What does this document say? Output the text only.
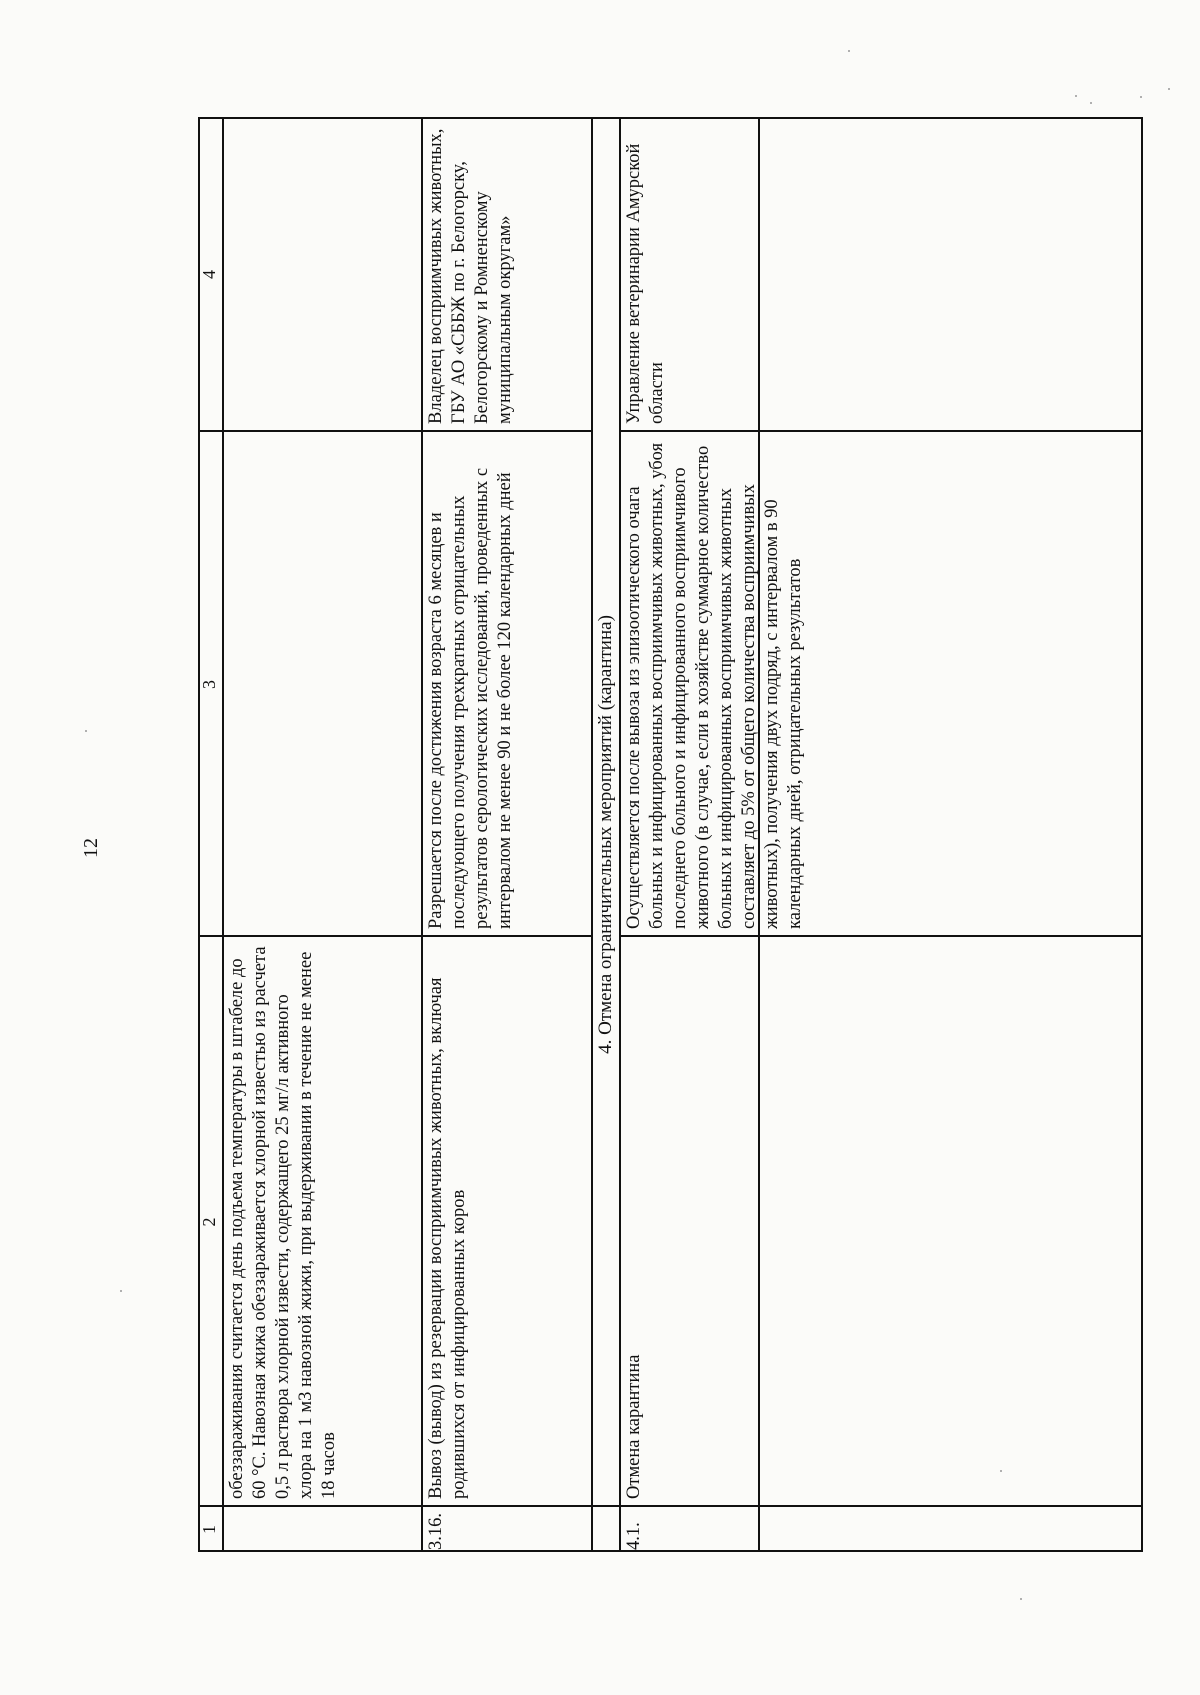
12
1
2
3
4
обеззараживания считается день подъема температуры в штабеле до 60 °С. Навозная жижа обеззараживается хлорной известью из расчета 0,5 л раствора хлорной извести, содержащего 25 мг/л активного хлора на 1 м3 навозной жижи, при выдерживании в течение не менее 18 часов
3.16.
Вывоз (вывод) из резервации восприимчивых животных, включая родившихся от инфицированных коров
Разрешается после достижения возраста 6 месяцев и последующего получения трехкратных отрицательных результатов серологических исследований, проведенных с интервалом не менее 90 и не более 120 календарных дней
Владелец восприимчивых животных, ГБУ АО «СББЖ по г. Белогорску, Белогорскому и Ромненскому муниципальным округам»
4. Отмена ограничительных мероприятий (карантина)
4.1.
Отмена карантина
Осуществляется после вывоза из эпизоотического очага больных и инфицированных восприимчивых животных, убоя последнего больного и инфицированного восприимчивого животного (в случае, если в хозяйстве суммарное количество больных и инфицированных восприимчивых животных составляет до 5% от общего количества восприимчивых животных), получения двух подряд, с интервалом в 90 календарных дней, отрицательных результатов
Управление ветеринарии Амурской области
